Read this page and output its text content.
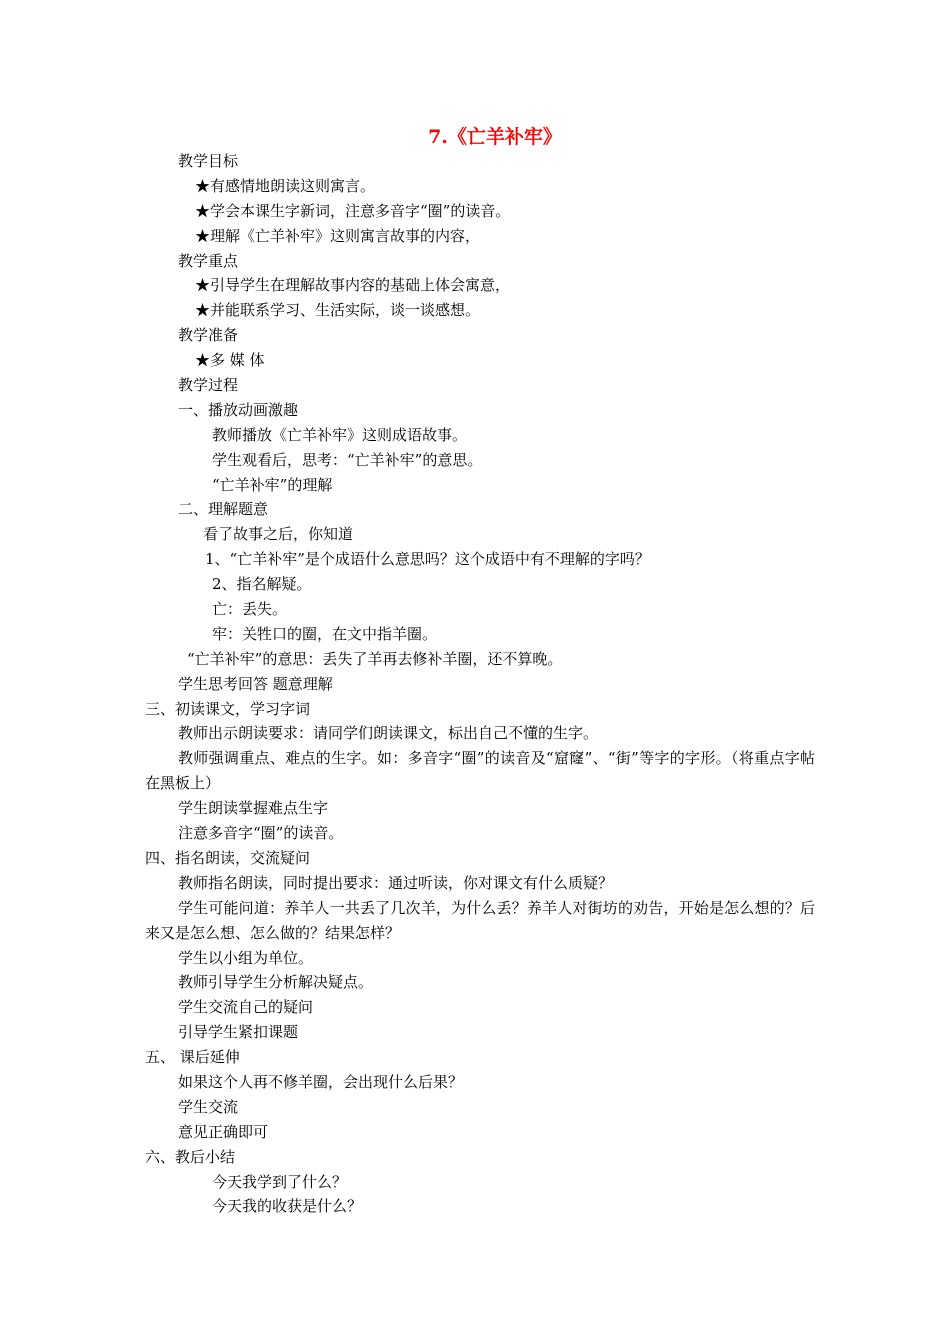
7.《亡羊补牢》
教学目标
★有感情地朗读这则寓言。
★学会本课生字新词，注意多音字“圈”的读音。
★理解《亡羊补牢》这则寓言故事的内容，
教学重点
★引导学生在理解故事内容的基础上体会寓意，
★并能联系学习、生活实际，谈一谈感想。
教学准备
★多 媒 体
教学过程
一、播放动画激趣
教师播放《亡羊补牢》这则成语故事。
学生观看后，思考：“亡羊补牢”的意思。
“亡羊补牢”的理解
二、理解题意
看了故事之后，你知道
1、“亡羊补牢”是个成语什么意思吗？这个成语中有不理解的字吗？
2、指名解疑。
亡：丢失。
牢：关牲口的圈，在文中指羊圈。
“亡羊补牢”的意思：丢失了羊再去修补羊圈，还不算晚。
学生思考回答 题意理解
三、初读课文，学习字词
教师出示朗读要求：请同学们朗读课文，标出自己不懂的生字。
教师强调重点、难点的生字。如：多音字“圈”的读音及“窟窿”、“街”等字的字形。（将重点字帖在黑板上）
学生朗读掌握难点生字
注意多音字“圈”的读音。
四、指名朗读，交流疑问
教师指名朗读，同时提出要求：通过听读，你对课文有什么质疑？
学生可能问道：养羊人一共丢了几次羊，为什么丢？养羊人对街坊的劝告，开始是怎么想的？后来又是怎么想、怎么做的？结果怎样？
学生以小组为单位。
教师引导学生分析解决疑点。
学生交流自己的疑问
引导学生紧扣课题
五、 课后延伸
如果这个人再不修羊圈，会出现什么后果？
学生交流
意见正确即可
六、教后小结
今天我学到了什么？
今天我的收获是什么？
